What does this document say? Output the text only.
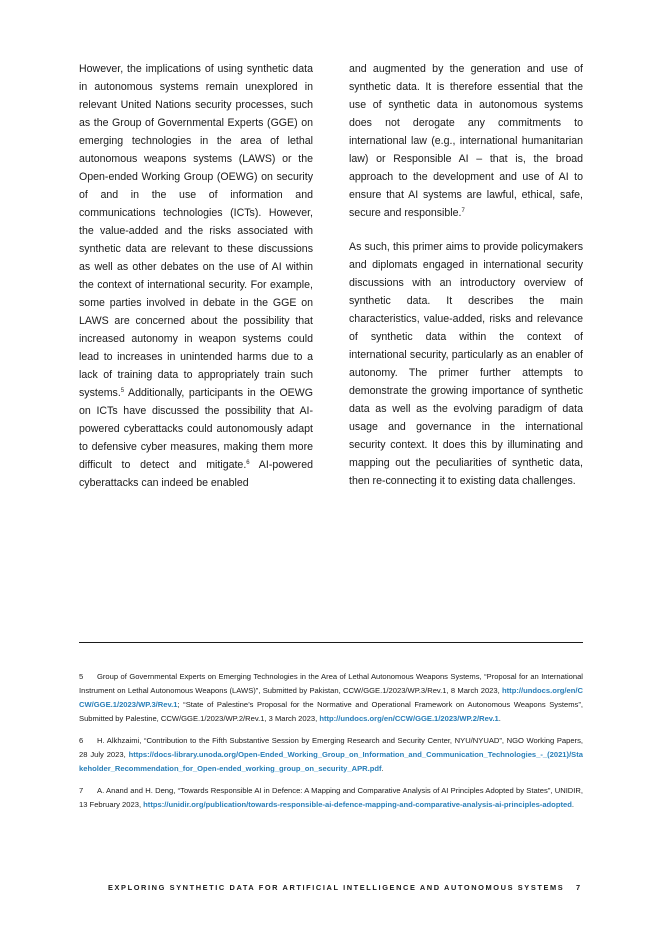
However, the implications of using synthetic data in autonomous systems remain unexplored in relevant United Nations security processes, such as the Group of Governmental Experts (GGE) on emerging technologies in the area of lethal autonomous weapons systems (LAWS) or the Open-ended Working Group (OEWG) on security of and in the use of information and communications technologies (ICTs). However, the value-added and the risks associated with synthetic data are relevant to these discussions as well as other debates on the use of AI within the context of international security. For example, some parties involved in debate in the GGE on LAWS are concerned about the possibility that increased autonomy in weapon systems could lead to increases in unintended harms due to a lack of training data to appropriately train such systems.$^5$ Additionally, participants in the OEWG on ICTs have discussed the possibility that AI-powered cyberattacks could autonomously adapt to defensive cyber measures, making them more difficult to detect and mitigate.$^6$ AI-powered cyberattacks can indeed be enabled

and augmented by the generation and use of synthetic data. It is therefore essential that the use of synthetic data in autonomous systems does not derogate any commitments to international law (e.g., international humanitarian law) or Responsible AI – that is, the broad approach to the development and use of AI to ensure that AI systems are lawful, ethical, safe, secure and responsible.$^7$

As such, this primer aims to provide policymakers and diplomats engaged in international security discussions with an introductory overview of synthetic data. It describes the main characteristics, value-added, risks and relevance of synthetic data within the context of international security, particularly as an enabler of autonomy. The primer further attempts to demonstrate the growing importance of synthetic data as well as the evolving paradigm of data usage and governance in the international security context. It does this by illuminating and mapping out the peculiarities of synthetic data, then re-connecting it to existing data challenges.

5 Group of Governmental Experts on Emerging Technologies in the Area of Lethal Autonomous Weapons Systems, “Proposal for an International Instrument on Lethal Autonomous Weapons (LAWS)”, Submitted by Pakistan, CCW/GGE.1/2023/WP.3/Rev.1, 8 March 2023, http://undocs.org/en/CCW/GGE.1/2023/WP.3/Rev.1; “State of Palestine’s Proposal for the Normative and Operational Framework on Autonomous Weapons Systems”, Submitted by Palestine, CCW/GGE.1/2023/WP.2/Rev.1, 3 March 2023, http://undocs.org/en/CCW/GGE.1/2023/WP.2/Rev.1.

6 H. Alkhzaimi, “Contribution to the Fifth Substantive Session by Emerging Research and Security Center, NYU/NYUAD”, NGO Working Papers, 28 July 2023, https://docs-library.unoda.org/Open-Ended_Working_Group_on_Information_and_Communication_Technologies_-_(2021)/Stakeholder_Recommendation_for_Open-ended_working_group_on_security_APR.pdf.

7 A. Anand and H. Deng, “Towards Responsible AI in Defence: A Mapping and Comparative Analysis of AI Principles Adopted by States”, UNIDIR, 13 February 2023, https://unidir.org/publication/towards-responsible-ai-defence-mapping-and-comparative-analysis-ai-principles-adopted.

EXPLORING SYNTHETIC DATA FOR ARTIFICIAL INTELLIGENCE AND AUTONOMOUS SYSTEMS 7
